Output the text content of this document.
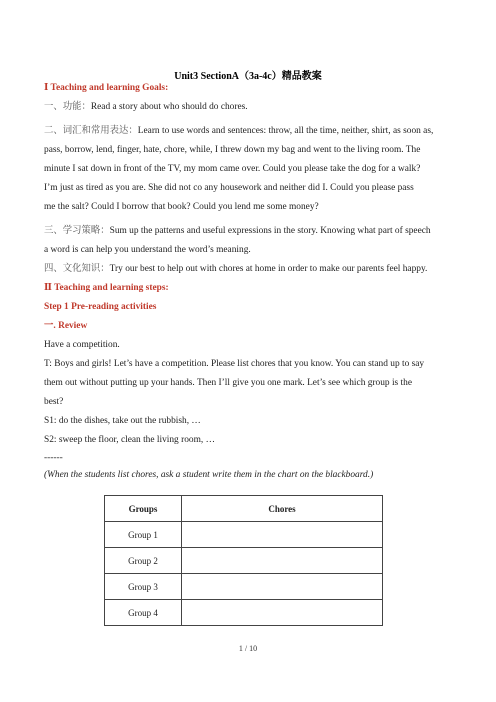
Unit3 SectionA（3a-4c）精品教案
Ⅰ Teaching and learning Goals:
一、功能：Read a story about who should do chores.
二、词汇和常用表达：Learn to use words and sentences: throw, all the time, neither, shirt, as soon as,
pass, borrow, lend, finger, hate, chore, while, I threw down my bag and went to the living room. The
minute I sat down in front of the TV, my mom came over. Could you please take the dog for a walk?
I’m just as tired as you are. She did not co any housework and neither did I. Could you please pass
me the salt? Could I borrow that book? Could you lend me some money?
三、学习策略：Sum up the patterns and useful expressions in the story. Knowing what part of speech
a word is can help you understand the word’s meaning.
四、文化知识：Try our best to help out with chores at home in order to make our parents feel happy.
Ⅱ Teaching and learning steps:
Step 1 Pre-reading activities
一. Review
Have a competition.
T: Boys and girls! Let’s have a competition. Please list chores that you know. You can stand up to say
them out without putting up your hands. Then I’ll give you one mark. Let’s see which group is the
best?
S1: do the dishes, take out the rubbish, …
S2: sweep the floor, clean the living room, …
------
(When the students list chores, ask a student write them in the chart on the blackboard.)
Groups	Chores
Group 1	
Group 2	
Group 3	
Group 4	
1 / 10
